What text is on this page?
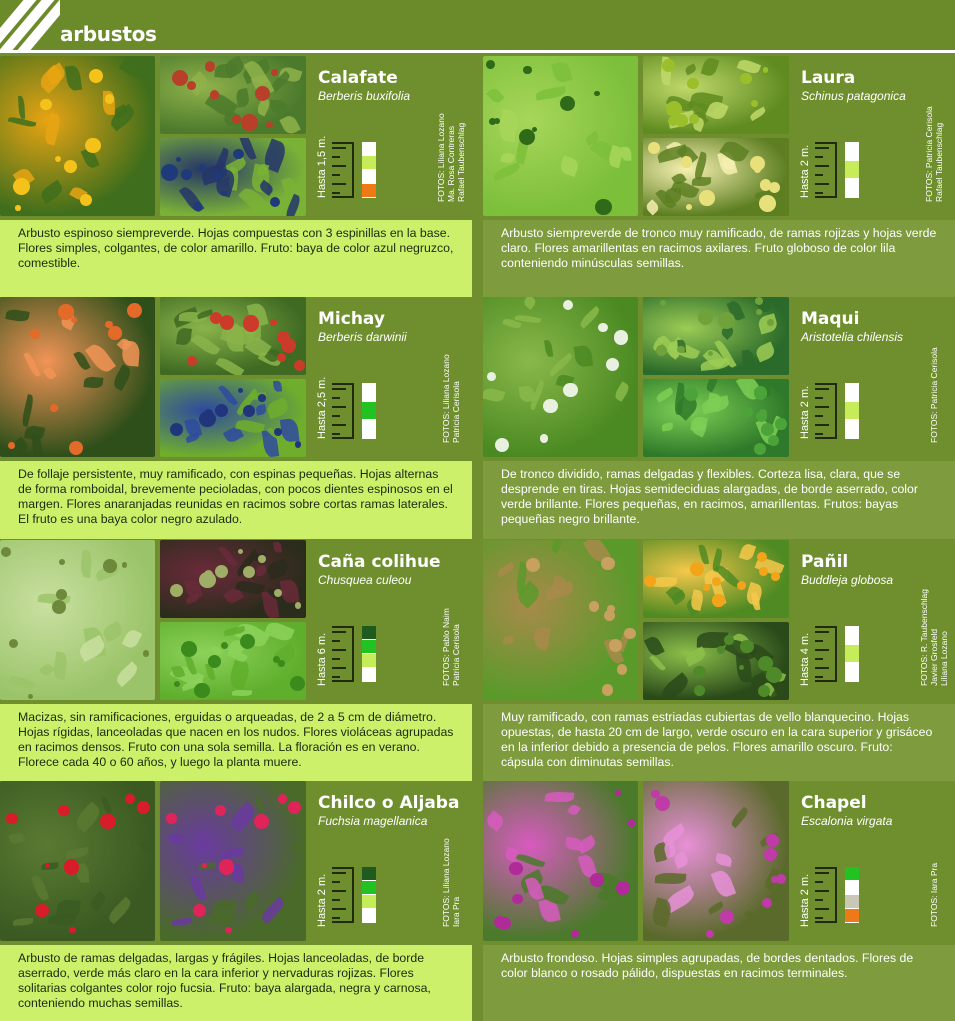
arbustos
Calafate
Berberis buxifolia
Hasta 1,5 m.	FOTOS: Liliana Lozano Ma. Rosa Contreras Rafael Taubenschlag
Arbusto espinoso siempreverde. Hojas compuestas con 3 espinillas en la base. Flores simples, colgantes, de color amarillo. Fruto: baya de color azul negruzco, comestible.
Laura
Schinus patagonica
Hasta 2 m.	FOTOS: Patricia Cerisola Rafael Taubenschlag
Arbusto siempreverde de tronco muy ramificado, de ramas rojizas y hojas verde claro. Flores amarillentas en racimos axilares. Fruto globoso de color lila conteniendo minúsculas semillas.
Michay
Berberis darwinii
Hasta 2,5 m.	FOTOS: Liliana Lozano Patricia Cerisola
De follaje persistente, muy ramificado, con espinas pequeñas. Hojas alternas de forma romboidal, brevemente pecioladas, con pocos dientes espinosos en el margen. Flores anaranjadas reunidas en racimos sobre cortas ramas laterales. El fruto es una baya color negro azulado.
Maqui
Aristotelia chilensis
Hasta 2 m.	FOTOS: Patricia Cerisola
De tronco dividido, ramas delgadas y flexibles. Corteza lisa, clara, que se desprende en tiras. Hojas semideciduas alargadas, de borde aserrado, color verde brillante. Flores pequeñas, en racimos, amarillentas. Frutos: bayas pequeñas negro brillante.
Caña colihue
Chusquea culeou
Hasta 6 m.	FOTOS: Pablo Naim Patricia Cerisola
Macizas, sin ramificaciones, erguidas o arqueadas, de 2 a 5 cm de diámetro. Hojas rígidas, lanceoladas que nacen en los nudos. Flores violáceas agrupadas en racimos densos. Fruto con una sola semilla. La floración es en verano. Florece cada 40 o 60 años, y luego la planta muere.
Pañil
Buddleja globosa
Hasta 4 m.	FOTOS: R. Taubenschlag Javier Grosfeld Liliana Lozano
Muy ramificado, con ramas estriadas cubiertas de vello blanquecino. Hojas opuestas, de hasta 20 cm de largo, verde oscuro en la cara superior y grisáceo en la inferior debido a presencia de pelos. Flores amarillo oscuro. Fruto: cápsula con diminutas semillas.
Chilco o Aljaba
Fuchsia magellanica
Hasta 2 m.	FOTOS: Liliana Lozano Iara Pra
Arbusto de ramas delgadas, largas y frágiles. Hojas lanceoladas, de borde aserrado, verde más claro en la cara inferior y nervaduras rojizas. Flores solitarias colgantes color rojo fucsia. Fruto: baya alargada, negra y carnosa, conteniendo muchas semillas.
Chapel
Escalonia virgata
Hasta 2 m.	FOTOS: Iara Pra
Arbusto frondoso. Hojas simples agrupadas, de bordes dentados. Flores de color blanco o rosado pálido, dispuestas en racimos terminales.
